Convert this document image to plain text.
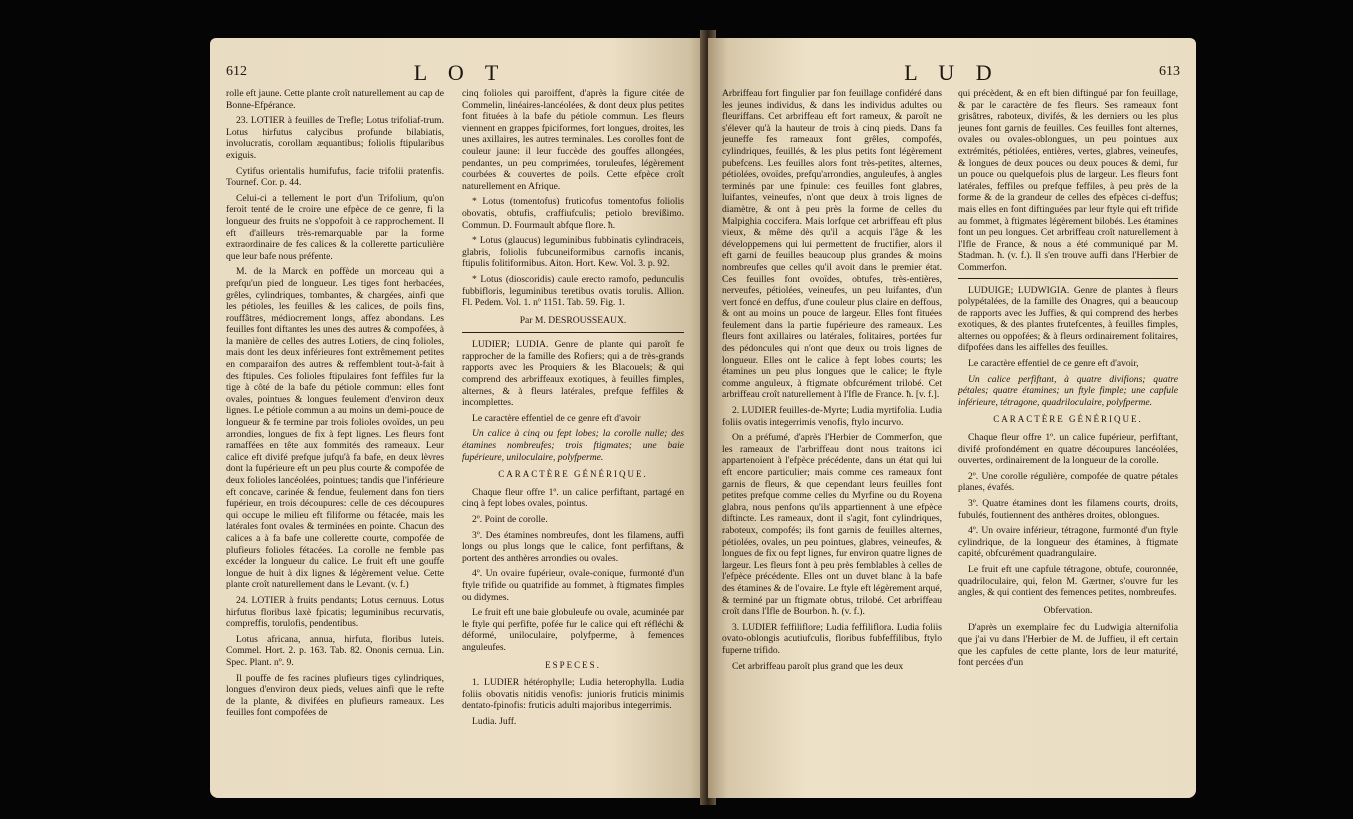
612	L O T

rolle eft jaune. Cette plante croît naturellement au cap de Bonne-Efpérance.

23. LOTIER à feuilles de Trefle; Lotus trifoliaf-trum. Lotus hirfutus calycibus profunde bilabiatis, involucratis, corollam æquantibus; foliolis ftipularibus exiguis.

Cytifus orientalis humifufus, facie trifolii pratenfis. Tournef. Cor. p. 44.

Celui-ci a tellement le port d'un Trifolium, qu'on feroit tenté de le croire une efpèce de ce genre, fi la longueur des fruits ne s'oppofoit à ce rapprochement. Il eft d'ailleurs très-remarquable par la forme extraordinaire de fes calices & la collerette particulière que leur bafe nous préfente.

M. de la Marck en poffède un morceau qui a prefqu'un pied de longueur. Les tiges font herbacées, grêles, cylindriques, tombantes, & chargées, ainfi que les pétioles, les feuilles & les calices, de poils fins, rouffâtres, médiocrement longs, affez abondans. Les feuilles font diftantes les unes des autres & compofées, à la manière de celles des autres Lotiers, de cinq folioles, mais dont les deux inférieures font extrêmement petites en comparaifon des autres & reffemblent tout-à-fait à des ftipules. Ces folioles ftipulaires font feffiles fur la tige à côté de la bafe du pétiole commun: elles font ovales, pointues & longues feulement d'environ deux lignes. Le pétiole commun a au moins un demi-pouce de longueur & fe termine par trois folioles ovoïdes, un peu arrondies, longues de fix à fept lignes. Les fleurs font ramaffées en tête aux fommités des rameaux. Leur calice eft divifé prefque jufqu'à fa bafe, en deux lèvres dont la fupérieure eft un peu plus courte & compofée de deux folioles lancéolées, pointues; tandis que l'inférieure eft concave, carinée & fendue, feulement dans fon tiers fupérieur, en trois découpures: celle de ces découpures qui occupe le milieu eft filiforme ou fétacée, mais les latérales font ovales & terminées en pointe. Chacun des calices a à fa bafe une collerette courte, compofée de plufieurs folioles fétacées. La corolle ne femble pas excéder la longueur du calice. Le fruit eft une gouffe longue de huit à dix lignes & légèrement velue. Cette plante croît naturellement dans le Levant. (v. f.)

24. LOTIER à fruits pendants; Lotus cernuus. Lotus hirfutus floribus laxè fpicatis; leguminibus recurvatis, compreffis, torulofis, pendentibus.

Lotus africana, annua, hirfuta, floribus luteis. Commel. Hort. 2. p. 163. Tab. 82. Ononis cernua. Lin. Spec. Plant. nº. 9.

Il pouffe de fes racines plufieurs tiges cylindriques, longues d'environ deux pieds, velues ainfi que le refte de la plante, & divifées en plufieurs rameaux. Les feuilles font compofées de

cinq folioles qui paroiffent, d'après la figure citée de Commelin, linéaires-lancéolées, & dont deux plus petites font fituées à la bafe du pétiole commun. Les fleurs viennent en grappes fpiciformes, fort longues, droites, les unes axillaires, les autres terminales. Les corolles font de couleur jaune: il leur fuccède des gouffes allongées, pendantes, un peu comprimées, toruleufes, légèrement courbées & couvertes de poils. Cette efpèce croît naturellement en Afrique.

* Lotus (tomentofus) fruticofus tomentofus foliolis obovatis, obtufis, craffiufculis; petiolo brevißimo. Commun. D. Fourmault abfque flore. ħ.

* Lotus (glaucus) leguminibus fubbinatis cylindraceis, glabris, foliolis fubcuneiformibus carnofis incanis, ftipulis folitiformibus. Aiton. Hort. Kew. Vol. 3. p. 92.

* Lotus (dioscoridis) caule erecto ramofo, pedunculis fubbifloris, leguminibus teretibus ovatis torulis. Allion. Fl. Pedem. Vol. 1. nº 1151. Tab. 59. Fig. 1.

Par M. DESROUSSEAUX.

LUDIER; LUDIA. Genre de plante qui paroît fe rapprocher de la famille des Rofiers; qui a de très-grands rapports avec les Proquiers & les Blacouels; & qui comprend des arbriffeaux exotiques, à feuilles fimples, alternes, & à fleurs latérales, prefque feffiles & incomplettes.

Le caractère effentiel de ce genre eft d'avoir

Un calice à cinq ou fept lobes; la corolle nulle; des étamines nombreufes; trois ftigmates; une baie fupérieure, uniloculaire, polyfperme.

CARACTÈRE GÉNÉRIQUE.

Chaque fleur offre 1º. un calice perfiftant, partagé en cinq à fept lobes ovales, pointus.

2º. Point de corolle.

3º. Des étamines nombreufes, dont les filamens, auffi longs ou plus longs que le calice, font perfiftans, & portent des anthères arrondies ou ovales.

4º. Un ovaire fupérieur, ovale-conique, furmonté d'un ftyle trifide ou quatrifide au fommet, à ftigmates fimples ou didymes.

Le fruit eft une baie globuleufe ou ovale, acuminée par le ftyle qui perfifte, pofée fur le calice qui eft réfléchi & déformé, uniloculaire, polyfperme, à femences anguleufes.

ESPECES.

1. LUDIER hétérophylle; Ludia heterophylla. Ludia foliis obovatis nitidis venofis: junioris fruticis minimis dentato-fpinofis: fruticis adulti majoribus integerrimis.

Ludia. Juff.

L U D	613

Arbriffeau fort fingulier par fon feuillage confidéré dans les jeunes individus, & dans les individus adultes ou fleuriffans. Cet arbriffeau eft fort rameux, & paroît ne s'élever qu'à la hauteur de trois à cinq pieds. Dans fa jeuneffe fes rameaux font grêles, compofés, cylindriques, feuillés, & les plus petits font légèrement pubefcens. Les feuilles alors font très-petites, alternes, pétiolées, ovoïdes, prefqu'arrondies, anguleufes, à angles terminés par une fpinule: ces feuilles font glabres, luifantes, veineufes, n'ont que deux à trois lignes de diamètre, & ont à peu près la forme de celles du Malpighia coccifera. Mais lorfque cet arbriffeau eft plus vieux, & même dès qu'il a acquis l'âge & les développemens qui lui permettent de fructifier, alors il eft garni de feuilles beaucoup plus grandes & moins nombreufes que celles qu'il avoit dans le premier état. Ces feuilles font ovoïdes, obtufes, très-entières, nerveufes, pétiolées, veineufes, un peu luifantes, d'un vert foncé en deffus, d'une couleur plus claire en deffous, & ont au moins un pouce de largeur. Elles font fituées feulement dans la partie fupérieure des rameaux. Les fleurs font axillaires ou latérales, folitaires, portées fur des pédoncules qui n'ont que deux ou trois lignes de longueur. Elles ont le calice à fept lobes courts; les étamines un peu plus longues que le calice; le ftyle comme anguleux, à ftigmate obfcurément trilobé. Cet arbriffeau croît naturellement à l'Ifle de France. ħ. [v. f.].

2. LUDIER feuilles-de-Myrte; Ludia myrtifolia. Ludia foliis ovatis integerrimis venofis, ftylo incurvo.

On a préfumé, d'après l'Herbier de Commerfon, que les rameaux de l'arbriffeau dont nous traitons ici appartenoient à l'efpèce précédente, dans un état qui lui eft encore particulier; mais comme ces rameaux font garnis de fleurs, & que cependant leurs feuilles font petites prefque comme celles du Myrfine ou du Royena glabra, nous penfons qu'ils appartiennent à une efpèce diftincte. Les rameaux, dont il s'agit, font cylindriques, raboteux, compofés; ils font garnis de feuilles alternes, pétiolées, ovales, un peu pointues, glabres, veineufes, & longues de fix ou fept lignes, fur environ quatre lignes de largeur. Les fleurs font à peu près femblables à celles de l'efpèce précédente. Elles ont un duvet blanc à la bafe des étamines & de l'ovaire. Le ftyle eft légèrement arqué, & terminé par un ftigmate obtus, trilobé. Cet arbriffeau croît dans l'Ifle de Bourbon. ħ. (v. f.).

3. LUDIER feffiliflore; Ludia feffiliflora. Ludia foliis ovato-oblongis acutiufculis, floribus fubfeffilibus, ftylo fuperne trifido.

Cet arbriffeau paroît plus grand que les deux

qui précèdent, & en eft bien diftingué par fon feuillage, & par le caractère de fes fleurs. Ses rameaux font grisâtres, raboteux, divifés, & les derniers ou les plus jeunes font garnis de feuilles. Ces feuilles font alternes, ovales ou ovales-oblongues, un peu pointues aux extrémités, pétiolées, entières, vertes, glabres, veineufes, & longues de deux pouces ou deux pouces & demi, fur un pouce ou quelquefois plus de largeur. Les fleurs font latérales, feffiles ou prefque feffiles, à peu près de la forme & de la grandeur de celles des efpèces ci-deffus; mais elles en font diftinguées par leur ftyle qui eft trifide au fommet, à ftigmates légèrement bilobés. Les étamines font un peu longues. Cet arbriffeau croît naturellement à l'Ifle de France, & nous a été communiqué par M. Stadman. ħ. (v. f.). Il s'en trouve auffi dans l'Herbier de Commerfon.

LUDUIGE; LUDWIGIA. Genre de plantes à fleurs polypétalées, de la famille des Onagres, qui a beaucoup de rapports avec les Juffies, & qui comprend des herbes exotiques, & des plantes frutefcentes, à feuilles fimples, alternes ou oppofées; & à fleurs ordinairement folitaires, difpofées dans les aiffelles des feuilles.

Le caractère effentiel de ce genre eft d'avoir,

Un calice perfiftant, à quatre divifions; quatre pétales; quatre étamines; un ftyle fimple; une capfule inférieure, tétragone, quadriloculaire, polyfperme.

CARACTÈRE GÉNÉRIQUE.

Chaque fleur offre 1º. un calice fupérieur, perfiftant, divifé profondément en quatre découpures lancéolées, ouvertes, ordinairement de la longueur de la corolle.

2º. Une corolle régulière, compofée de quatre pétales planes, évafés.

3º. Quatre étamines dont les filamens courts, droits, fubulés, foutiennent des anthères droites, oblongues.

4º. Un ovaire inférieur, tétragone, furmonté d'un ftyle cylindrique, de la longueur des étamines, à ftigmate capité, obfcurément quadrangulaire.

Le fruit eft une capfule tétragone, obtufe, couronnée, quadriloculaire, qui, felon M. Gærtner, s'ouvre fur les angles, & qui contient des femences petites, nombreufes.

Obfervation.

D'après un exemplaire fec du Ludwigia alternifolia que j'ai vu dans l'Herbier de M. de Juffieu, il eft certain que les capfules de cette plante, lors de leur maturité, font percées d'un
